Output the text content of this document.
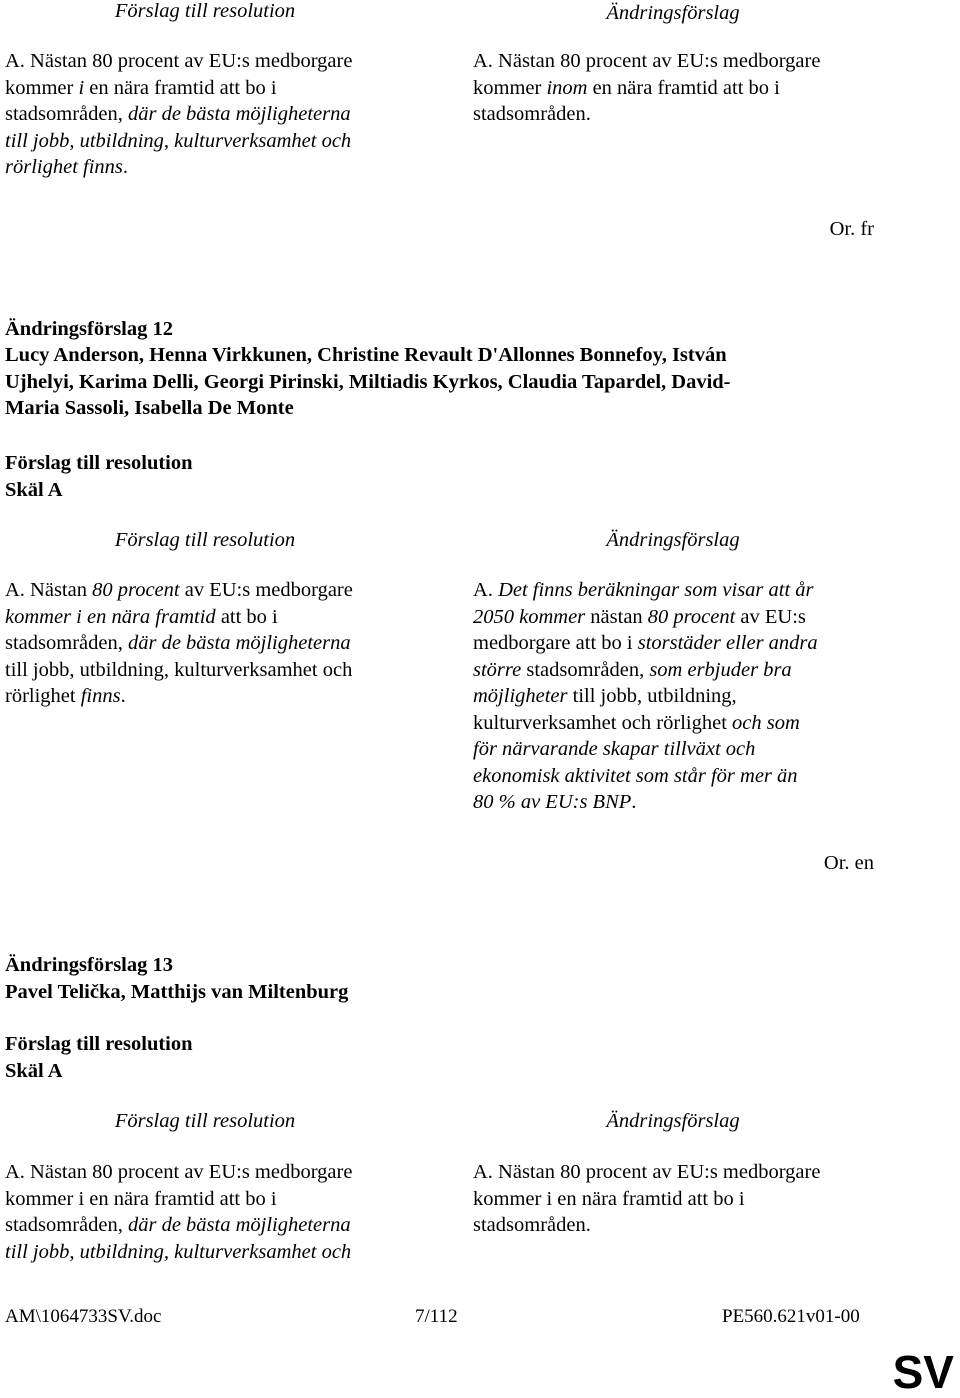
Förslag till resolution	Ändringsförslag
A. Nästan 80 procent av EU:s medborgare
kommer i en nära framtid att bo i
stadsområden, där de bästa möjligheterna
till jobb, utbildning, kulturverksamhet och
rörlighet finns.
A. Nästan 80 procent av EU:s medborgare
kommer inom en nära framtid att bo i
stadsområden.
Or. fr
Ändringsförslag 12
Lucy Anderson, Henna Virkkunen, Christine Revault D'Allonnes Bonnefoy, István
Ujhelyi, Karima Delli, Georgi Pirinski, Miltiadis Kyrkos, Claudia Tapardel, David-
Maria Sassoli, Isabella De Monte
Förslag till resolution
Skäl A
Förslag till resolution	Ändringsförslag
A. Nästan 80 procent av EU:s medborgare
kommer i en nära framtid att bo i
stadsområden, där de bästa möjligheterna
till jobb, utbildning, kulturverksamhet och
rörlighet finns.
A. Det finns beräkningar som visar att år
2050 kommer nästan 80 procent av EU:s
medborgare att bo i storstäder eller andra
större stadsområden, som erbjuder bra
möjligheter till jobb, utbildning,
kulturverksamhet och rörlighet och som
för närvarande skapar tillväxt och
ekonomisk aktivitet som står för mer än
80 % av EU:s BNP.
Or. en
Ändringsförslag 13
Pavel Telička, Matthijs van Miltenburg
Förslag till resolution
Skäl A
Förslag till resolution	Ändringsförslag
A. Nästan 80 procent av EU:s medborgare
kommer i en nära framtid att bo i
stadsområden, där de bästa möjligheterna
till jobb, utbildning, kulturverksamhet och
A. Nästan 80 procent av EU:s medborgare
kommer i en nära framtid att bo i
stadsområden.
AM\1064733SV.doc	7/112	PE560.621v01-00
SV
